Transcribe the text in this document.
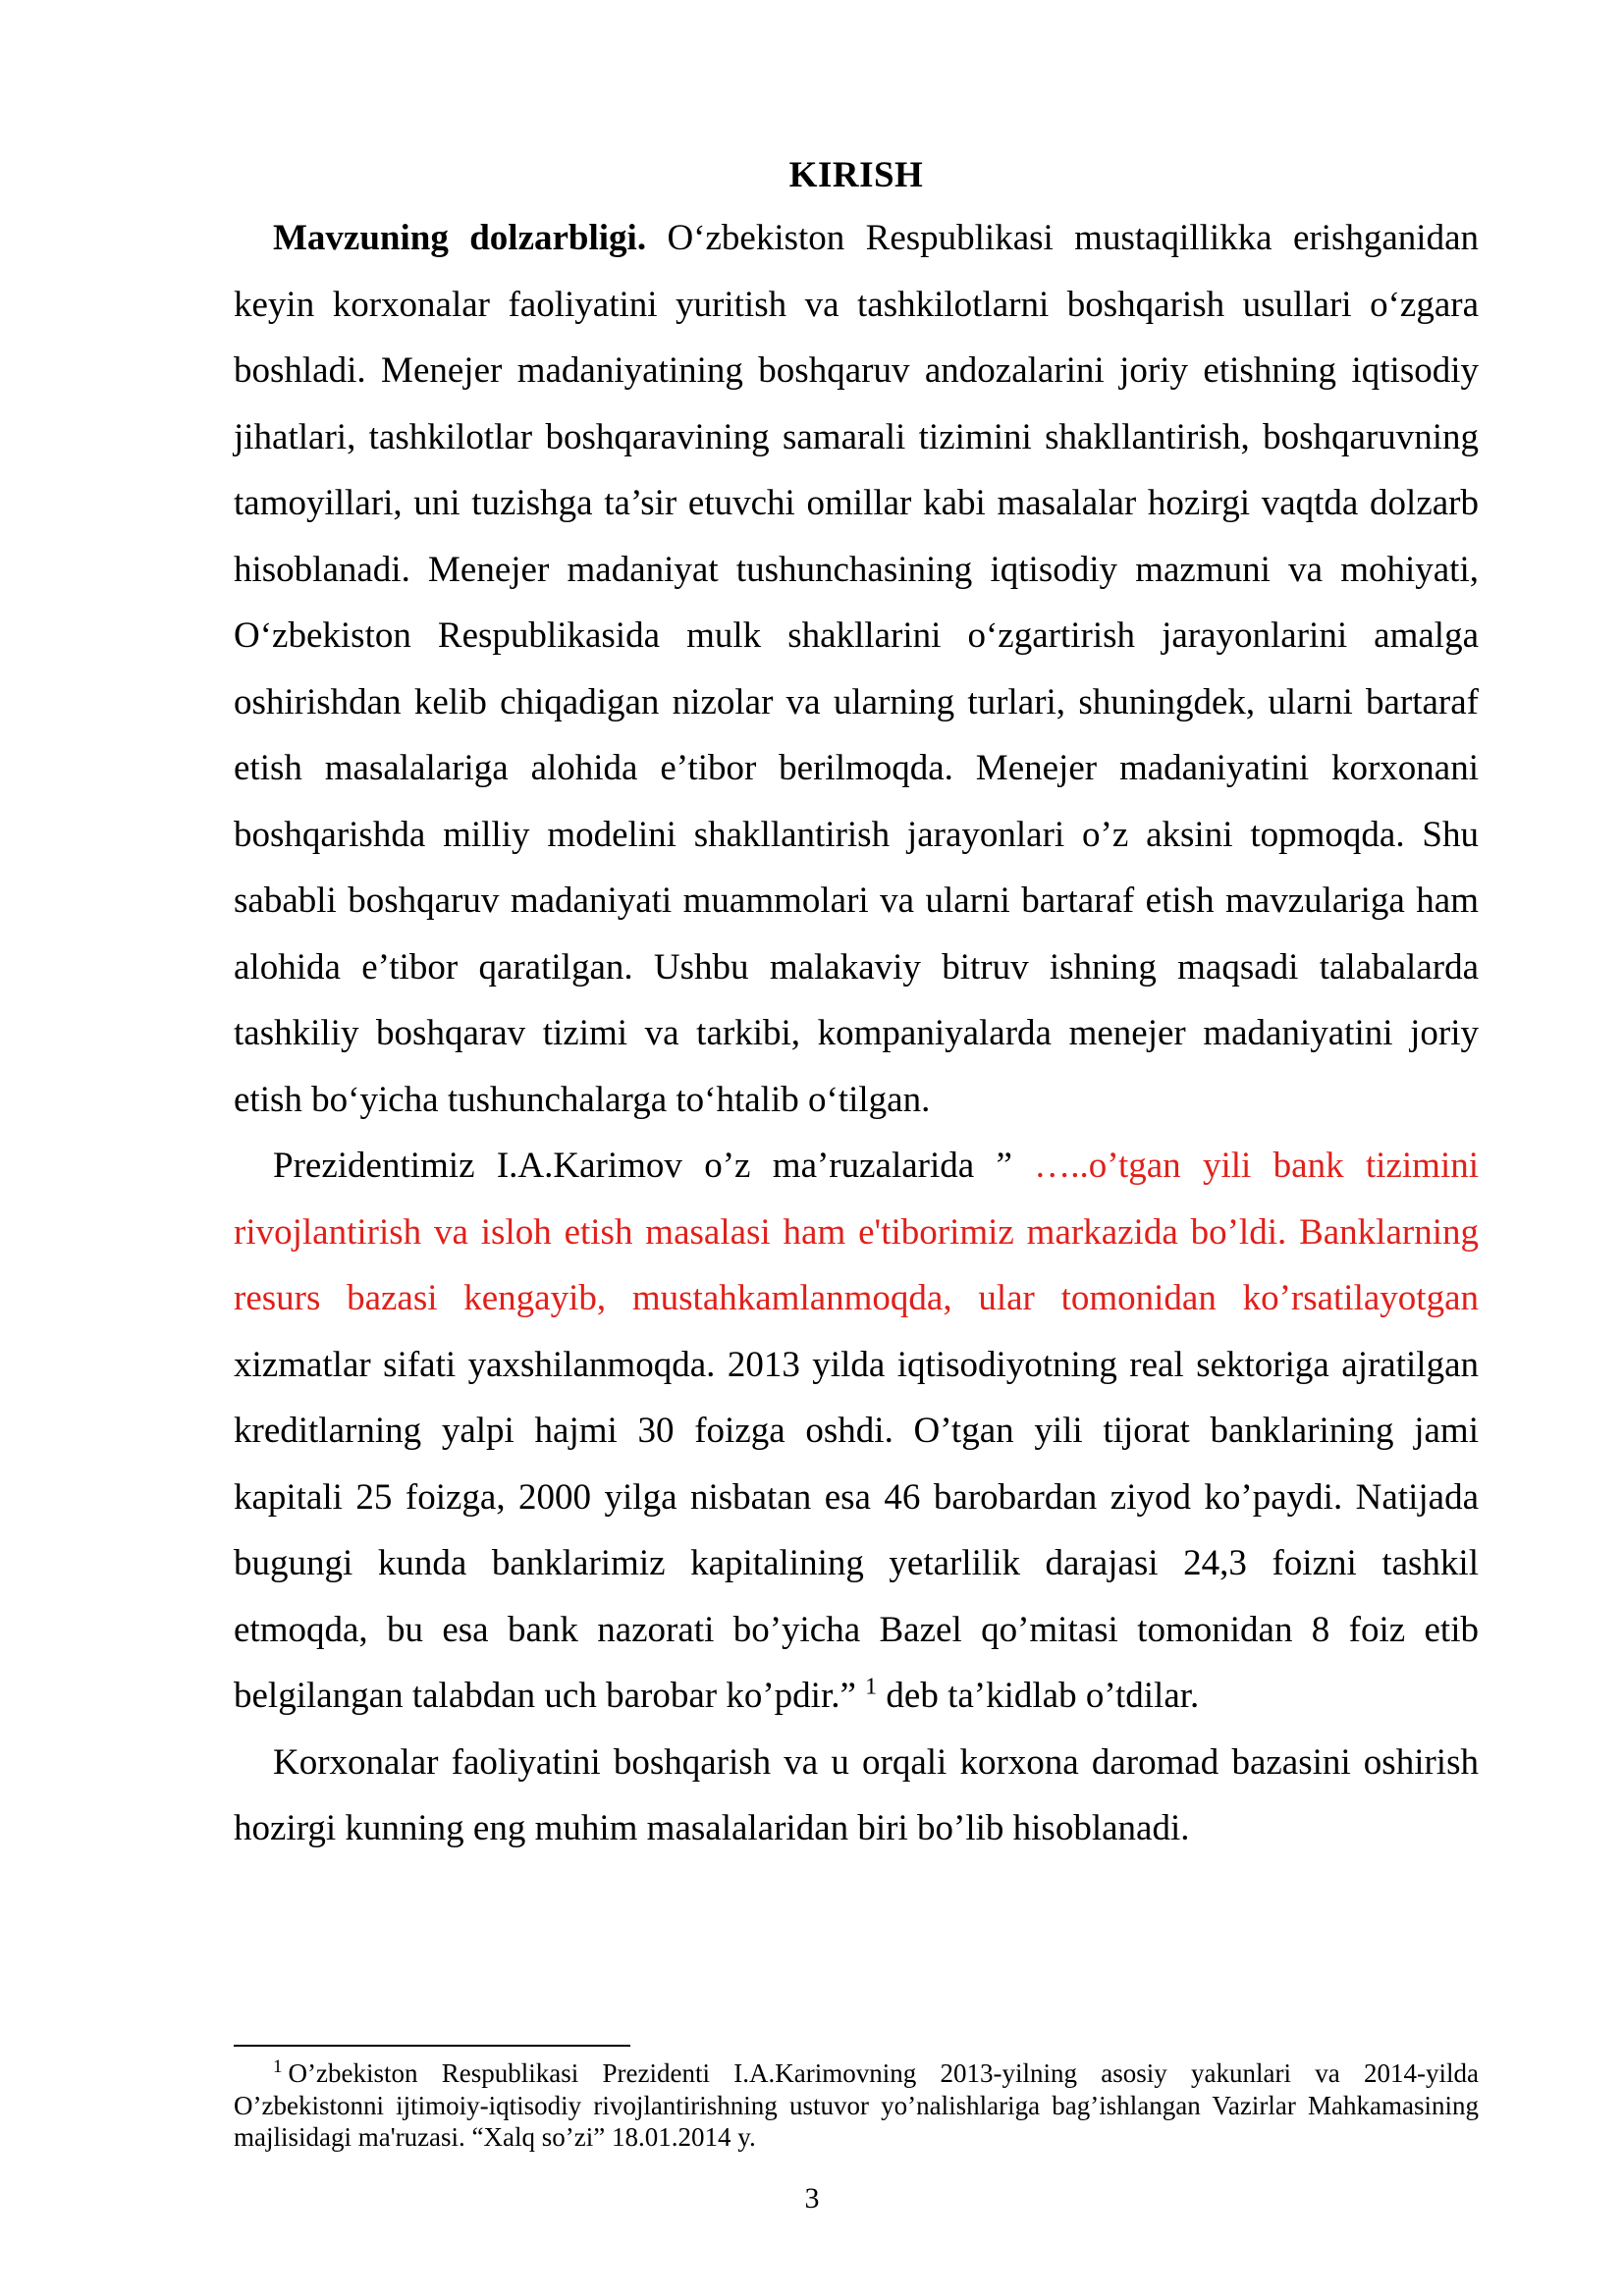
KIRISH

Mavzuning dolzarbligi. O‘zbekiston Respublikasi mustaqillikka erishganidan keyin korxonalar faoliyatini yuritish va tashkilotlarni boshqarish usullari o‘zgara boshladi. Menejer madaniyatining boshqaruv andozalarini joriy etishning iqtisodiy jihatlari, tashkilotlar boshqaravining samarali tizimini shakllantirish, boshqaruvning tamoyillari, uni tuzishga ta’sir etuvchi omillar kabi masalalar hozirgi vaqtda dolzarb hisoblanadi. Menejer madaniyat tushunchasining iqtisodiy mazmuni va mohiyati, O‘zbekiston Respublikasida mulk shakllarini o‘zgartirish jarayonlarini amalga oshirishdan kelib chiqadigan nizolar va ularning turlari, shuningdek, ularni bartaraf etish masalalariga alohida e’tibor berilmoqda. Menejer madaniyatini korxonani boshqarishda milliy modelini shakllantirish jarayonlari o’z aksini topmoqda. Shu sababli boshqaruv madaniyati muammolari va ularni bartaraf etish mavzulariga ham alohida e’tibor qaratilgan. Ushbu malakaviy bitruv ishning maqsadi talabalarda tashkiliy boshqarav tizimi va tarkibi, kompaniyalarda menejer madaniyatini joriy etish bo‘yicha tushunchalarga to‘htalib o‘tilgan.

Prezidentimiz I.A.Karimov o’z ma’ruzalarida ” …..o’tgan yili bank tizimini rivojlantirish va isloh etish masalasi ham e'tiborimiz markazida bo’ldi. Banklarning resurs bazasi kengayib, mustahkamlanmoqda, ular tomonidan ko’rsatilayotgan xizmatlar sifati yaxshilanmoqda. 2013 yilda iqtisodiyotning real sektoriga ajratilgan kreditlarning yalpi hajmi 30 foizga oshdi. O’tgan yili tijorat banklarining jami kapitali 25 foizga, 2000 yilga nisbatan esa 46 barobardan ziyod ko’paydi. Natijada bugungi kunda banklarimiz kapitalining yetarlilik darajasi 24,3 foizni tashkil etmoqda, bu esa bank nazorati bo’yicha Bazel qo’mitasi tomonidan 8 foiz etib belgilangan talabdan uch barobar ko’pdir.” $^1$ deb ta’kidlab o’tdilar.

Korxonalar faoliyatini boshqarish va u orqali korxona daromad bazasini oshirish hozirgi kunning eng muhim masalalaridan biri bo’lib hisoblanadi.

$^1$ O’zbekiston Respublikasi Prezidenti I.A.Karimovning 2013-yilning asosiy yakunlari va 2014-yilda O’zbekistonni ijtimoiy-iqtisodiy rivojlantirishning ustuvor yo’nalishlariga bag’ishlangan Vazirlar Mahkamasining majlisidagi ma'ruzasi. “Xalq so’zi” 18.01.2014 y.

3
